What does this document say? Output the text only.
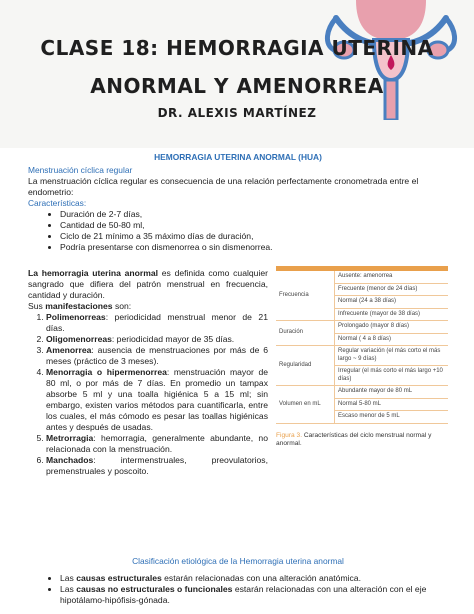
CLASE 18: HEMORRAGIA UTERINA
ANORMAL Y AMENORREA
DR. ALEXIS MARTÍNEZ
HEMORRAGIA UTERINA ANORMAL (HUA)
Menstruación cíclica regular
La menstruación cíclica regular es consecuencia de una relación perfectamente cronometrada entre el endometrio:
Características:
• Duración de 2-7 días,
• Cantidad de 50-80 ml,
• Ciclo de 21 mínimo a 35 máximo días de duración,
• Podría presentarse con dismenorrea o sin dismenorrea.
La hemorragia uterina anormal es definida como cualquier sangrado que difiera del patrón menstrual en frecuencia, cantidad y duración.
Sus manifestaciones son:
1. Polimenorreas: periodicidad menstrual menor de 21 días.
2. Oligomenorreas: periodicidad mayor de 35 días.
3. Amenorrea: ausencia de menstruaciones por más de 6 meses (práctico de 3 meses).
4. Menorragia o hipermenorrea: menstruación mayor de 80 ml, o por más de 7 días. En promedio un tampax absorbe 5 ml y una toalla higiénica 5 a 15 ml; sin embargo, existen varios métodos para cuantificarla, entre los cuales, el más cómodo es pesar las toallas higiénicas antes y después de usadas.
5. Metrorragia: hemorragia, generalmente abundante, no relacionada con la menstruación.
6. Manchados: intermenstruales, preovulatorios, premenstruales y poscoito.
Frecuencia	Ausente: amenorrea
	Frecuente (menor de 24 días)
	Normal (24 a 38 días)
	Infrecuente (mayor de 38 días)
Duración	Prolongado (mayor 8 días)
	Normal ( 4 a 8 días)
Regularidad	Regular variación (el más corto el más largo ~ 9 días)
	Irregular (el más corto el más largo +10 días)
Volumen en mL	Abundante mayor de 80 mL
	Normal 5-80 mL
	Escaso menor de 5 mL
Figura 3. Características del ciclo menstrual normal y anormal.
Clasificación etiológica de la Hemorragia uterina anormal
• Las causas estructurales estarán relacionadas con una alteración anatómica.
• Las causas no estructurales o funcionales estarán relacionadas con una alteración con el eje hipotálamo-hipófisis-gónada.
